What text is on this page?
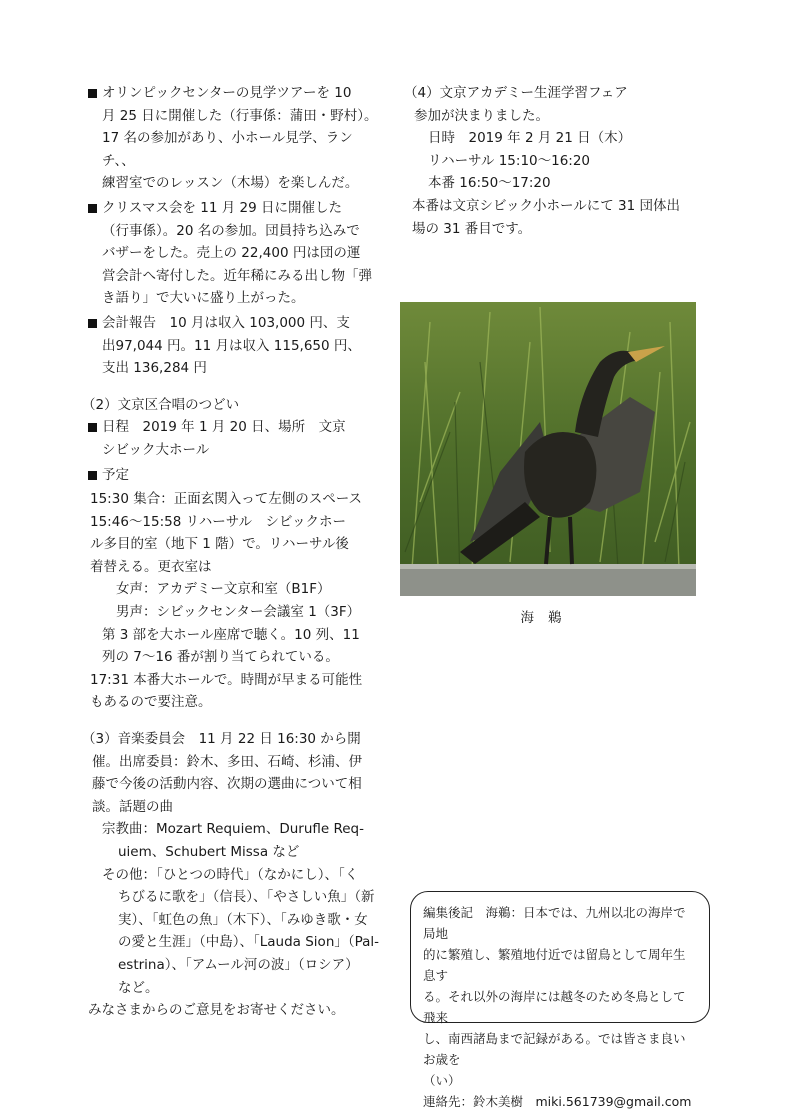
オリンピックセンターの見学ツアーを 10
月 25 日に開催した（行事係：蒲田・野村）。
17 名の参加があり、小ホール見学、ランチ、、
練習室でのレッスン（木場）を楽しんだ。
クリスマス会を 11 月 29 日に開催した
（行事係）。20 名の参加。団員持ち込みで
バザーをした。売上の 22,400 円は団の運
営会計へ寄付した。近年稀にみる出し物「弾
き語り」で大いに盛り上がった。
会計報告　10 月は収入 103,000 円、支
出97,044 円。11 月は収入 115,650 円、
支出 136,284 円
（2）文京区合唱のつどい
日程　2019 年 1 月 20 日、場所　文京
シビック大ホール
予定
15:30 集合：正面玄関入って左側のスペース
15:46～15:58 リハーサル　シビックホー
ル多目的室（地下 1 階）で。リハーサル後
着替える。更衣室は
女声：アカデミー文京和室（B1F）
男声：シビックセンター会議室 1（3F）
第 3 部を大ホール座席で聴く。10 列、11
列の 7～16 番が割り当てられている。
17:31 本番大ホールで。時間が早まる可能性
もあるので要注意。
（3）音楽委員会　11 月 22 日 16:30 から開
催。出席委員：鈴木、多田、石崎、杉浦、伊
藤で今後の活動内容、次期の選曲について相
談。話題の曲
宗教曲：Mozart Requiem、Durufle Req-
uiem、Schubert Missa など
その他：「ひとつの時代」（なかにし）、「く
ちびるに歌を」（信長）、「やさしい魚」（新
実）、「虹色の魚」（木下）、「みゆき歌・女
の愛と生涯」（中島）、「Lauda Sion」（Pal-
estrina）、「アムール河の波」（ロシア）
など。
みなさまからのご意見をお寄せください。
（4）文京アカデミー生涯学習フェア
参加が決まりました。
日時　2019 年 2 月 21 日（木）
リハーサル 15:10～16:20
本番 16:50～17:20
本番は文京シビック小ホールにて 31 団体出
場の 31 番目です。
海鵜
編集後記　海鵜：日本では、九州以北の海岸で局地
的に繁殖し、繁殖地付近では留鳥として周年生息す
る。それ以外の海岸には越冬のため冬鳥として飛来
し、南西諸島まで記録がある。では皆さま良いお歳を
（い）
連絡先：鈴木美樹　miki.561739@gmail.com
